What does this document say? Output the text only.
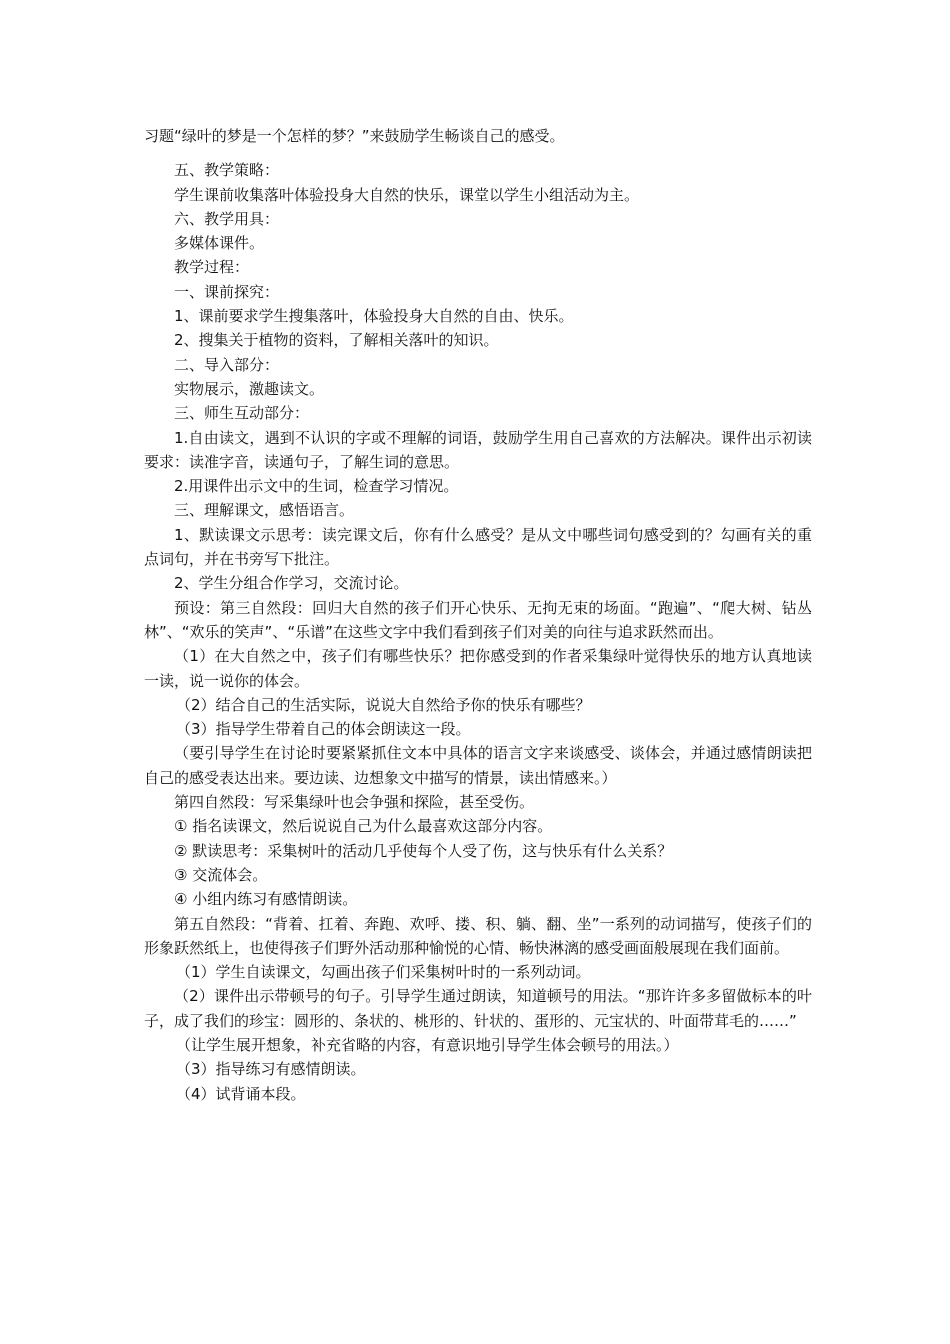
习题“绿叶的梦是一个怎样的梦？”来鼓励学生畅谈自己的感受。

五、教学策略：

学生课前收集落叶体验投身大自然的快乐，课堂以学生小组活动为主。

六、教学用具：

多媒体课件。

教学过程：

一、课前探究：

1、课前要求学生搜集落叶，体验投身大自然的自由、快乐。

2、搜集关于植物的资料，了解相关落叶的知识。

二、导入部分：

实物展示，激趣读文。

三、师生互动部分：

1.自由读文，遇到不认识的字或不理解的词语，鼓励学生用自己喜欢的方法解决。课件出示初读要求：读准字音，读通句子，了解生词的意思。

2.用课件出示文中的生词，检查学习情况。

三、理解课文，感悟语言。

1、默读课文示思考：读完课文后，你有什么感受？是从文中哪些词句感受到的？勾画有关的重点词句，并在书旁写下批注。

2、学生分组合作学习，交流讨论。

预设：第三自然段：回归大自然的孩子们开心快乐、无拘无束的场面。“跑遍”、“爬大树、钻丛林”、“欢乐的笑声”、“乐谱”在这些文字中我们看到孩子们对美的向往与追求跃然而出。

（1）在大自然之中，孩子们有哪些快乐？把你感受到的作者采集绿叶觉得快乐的地方认真地读一读，说一说你的体会。

（2）结合自己的生活实际，说说大自然给予你的快乐有哪些？

（3）指导学生带着自己的体会朗读这一段。

（要引导学生在讨论时要紧紧抓住文本中具体的语言文字来谈感受、谈体会，并通过感情朗读把自己的感受表达出来。要边读、边想象文中描写的情景，读出情感来。）

第四自然段：写采集绿叶也会争强和探险，甚至受伤。

① 指名读课文，然后说说自己为什么最喜欢这部分内容。

② 默读思考：采集树叶的活动几乎使每个人受了伤，这与快乐有什么关系？

③ 交流体会。

④ 小组内练习有感情朗读。

第五自然段：“背着、扛着、奔跑、欢呼、搂、积、躺、翻、坐”一系列的动词描写，使孩子们的形象跃然纸上，也使得孩子们野外活动那种愉悦的心情、畅快淋漓的感受画面般展现在我们面前。

（1）学生自读课文，勾画出孩子们采集树叶时的一系列动词。

（2）课件出示带顿号的句子。引导学生通过朗读，知道顿号的用法。“那许许多多留做标本的叶子，成了我们的珍宝：圆形的、条状的、桃形的、针状的、蛋形的、元宝状的、叶面带茸毛的……”

（让学生展开想象，补充省略的内容，有意识地引导学生体会顿号的用法。）

（3）指导练习有感情朗读。

（4）试背诵本段。
